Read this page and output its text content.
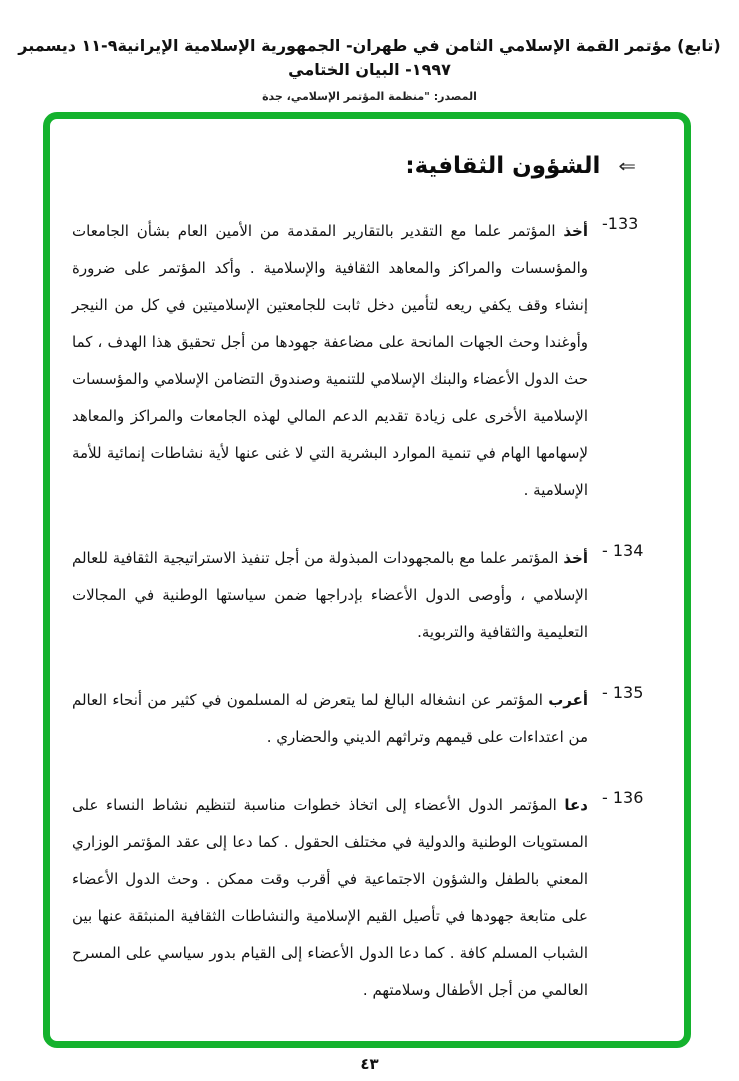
(تابع) مؤتمر القمة الإسلامي الثامن في طهران- الجمهورية الإسلامية الإيرانية٩-١١ ديسمبر ١٩٩٧- البيان الختامي
المصدر: "منظمة المؤتمر الإسلامي، جدة
⇐
الشؤون الثقافية:
-133
أخذ المؤتمر علما مع التقدير بالتقارير المقدمة من الأمين العام بشأن الجامعات والمؤسسات والمراكز والمعاهد الثقافية والإسلامية . وأكد المؤتمر على ضرورة إنشاء وقف يكفي ريعه لتأمين دخل ثابت للجامعتين الإسلاميتين في كل من النيجر وأوغندا وحث الجهات المانحة على مضاعفة جهودها من أجل تحقيق هذا الهدف ، كما حث الدول الأعضاء والبنك الإسلامي للتنمية وصندوق التضامن الإسلامي والمؤسسات الإسلامية الأخرى على زيادة تقديم الدعم المالي لهذه الجامعات والمراكز والمعاهد لإسهامها الهام في تنمية الموارد البشرية التي لا غنى عنها لأية نشاطات إنمائية للأمة الإسلامية .
- 134
أخذ المؤتمر علما مع بالمجهودات المبذولة من أجل تنفيذ الاستراتيجية الثقافية للعالم الإسلامي ، وأوصى الدول الأعضاء بإدراجها ضمن سياستها الوطنية في المجالات التعليمية والثقافية والتربوية.
- 135
أعرب المؤتمر عن انشغاله البالغ لما يتعرض له المسلمون في كثير من أنحاء العالم من اعتداءات على قيمهم وتراثهم الديني والحضاري .
- 136
دعا المؤتمر الدول الأعضاء إلى اتخاذ خطوات مناسبة لتنظيم نشاط النساء على المستويات الوطنية والدولية في مختلف الحقول . كما دعا إلى عقد المؤتمر الوزاري المعني بالطفل والشؤون الاجتماعية في أقرب وقت ممكن . وحث الدول الأعضاء على متابعة جهودها في تأصيل القيم الإسلامية والنشاطات الثقافية المنبثقة عنها بين الشباب المسلم كافة . كما دعا الدول الأعضاء إلى القيام بدور سياسي على المسرح العالمي من أجل الأطفال وسلامتهم .
٤٣
